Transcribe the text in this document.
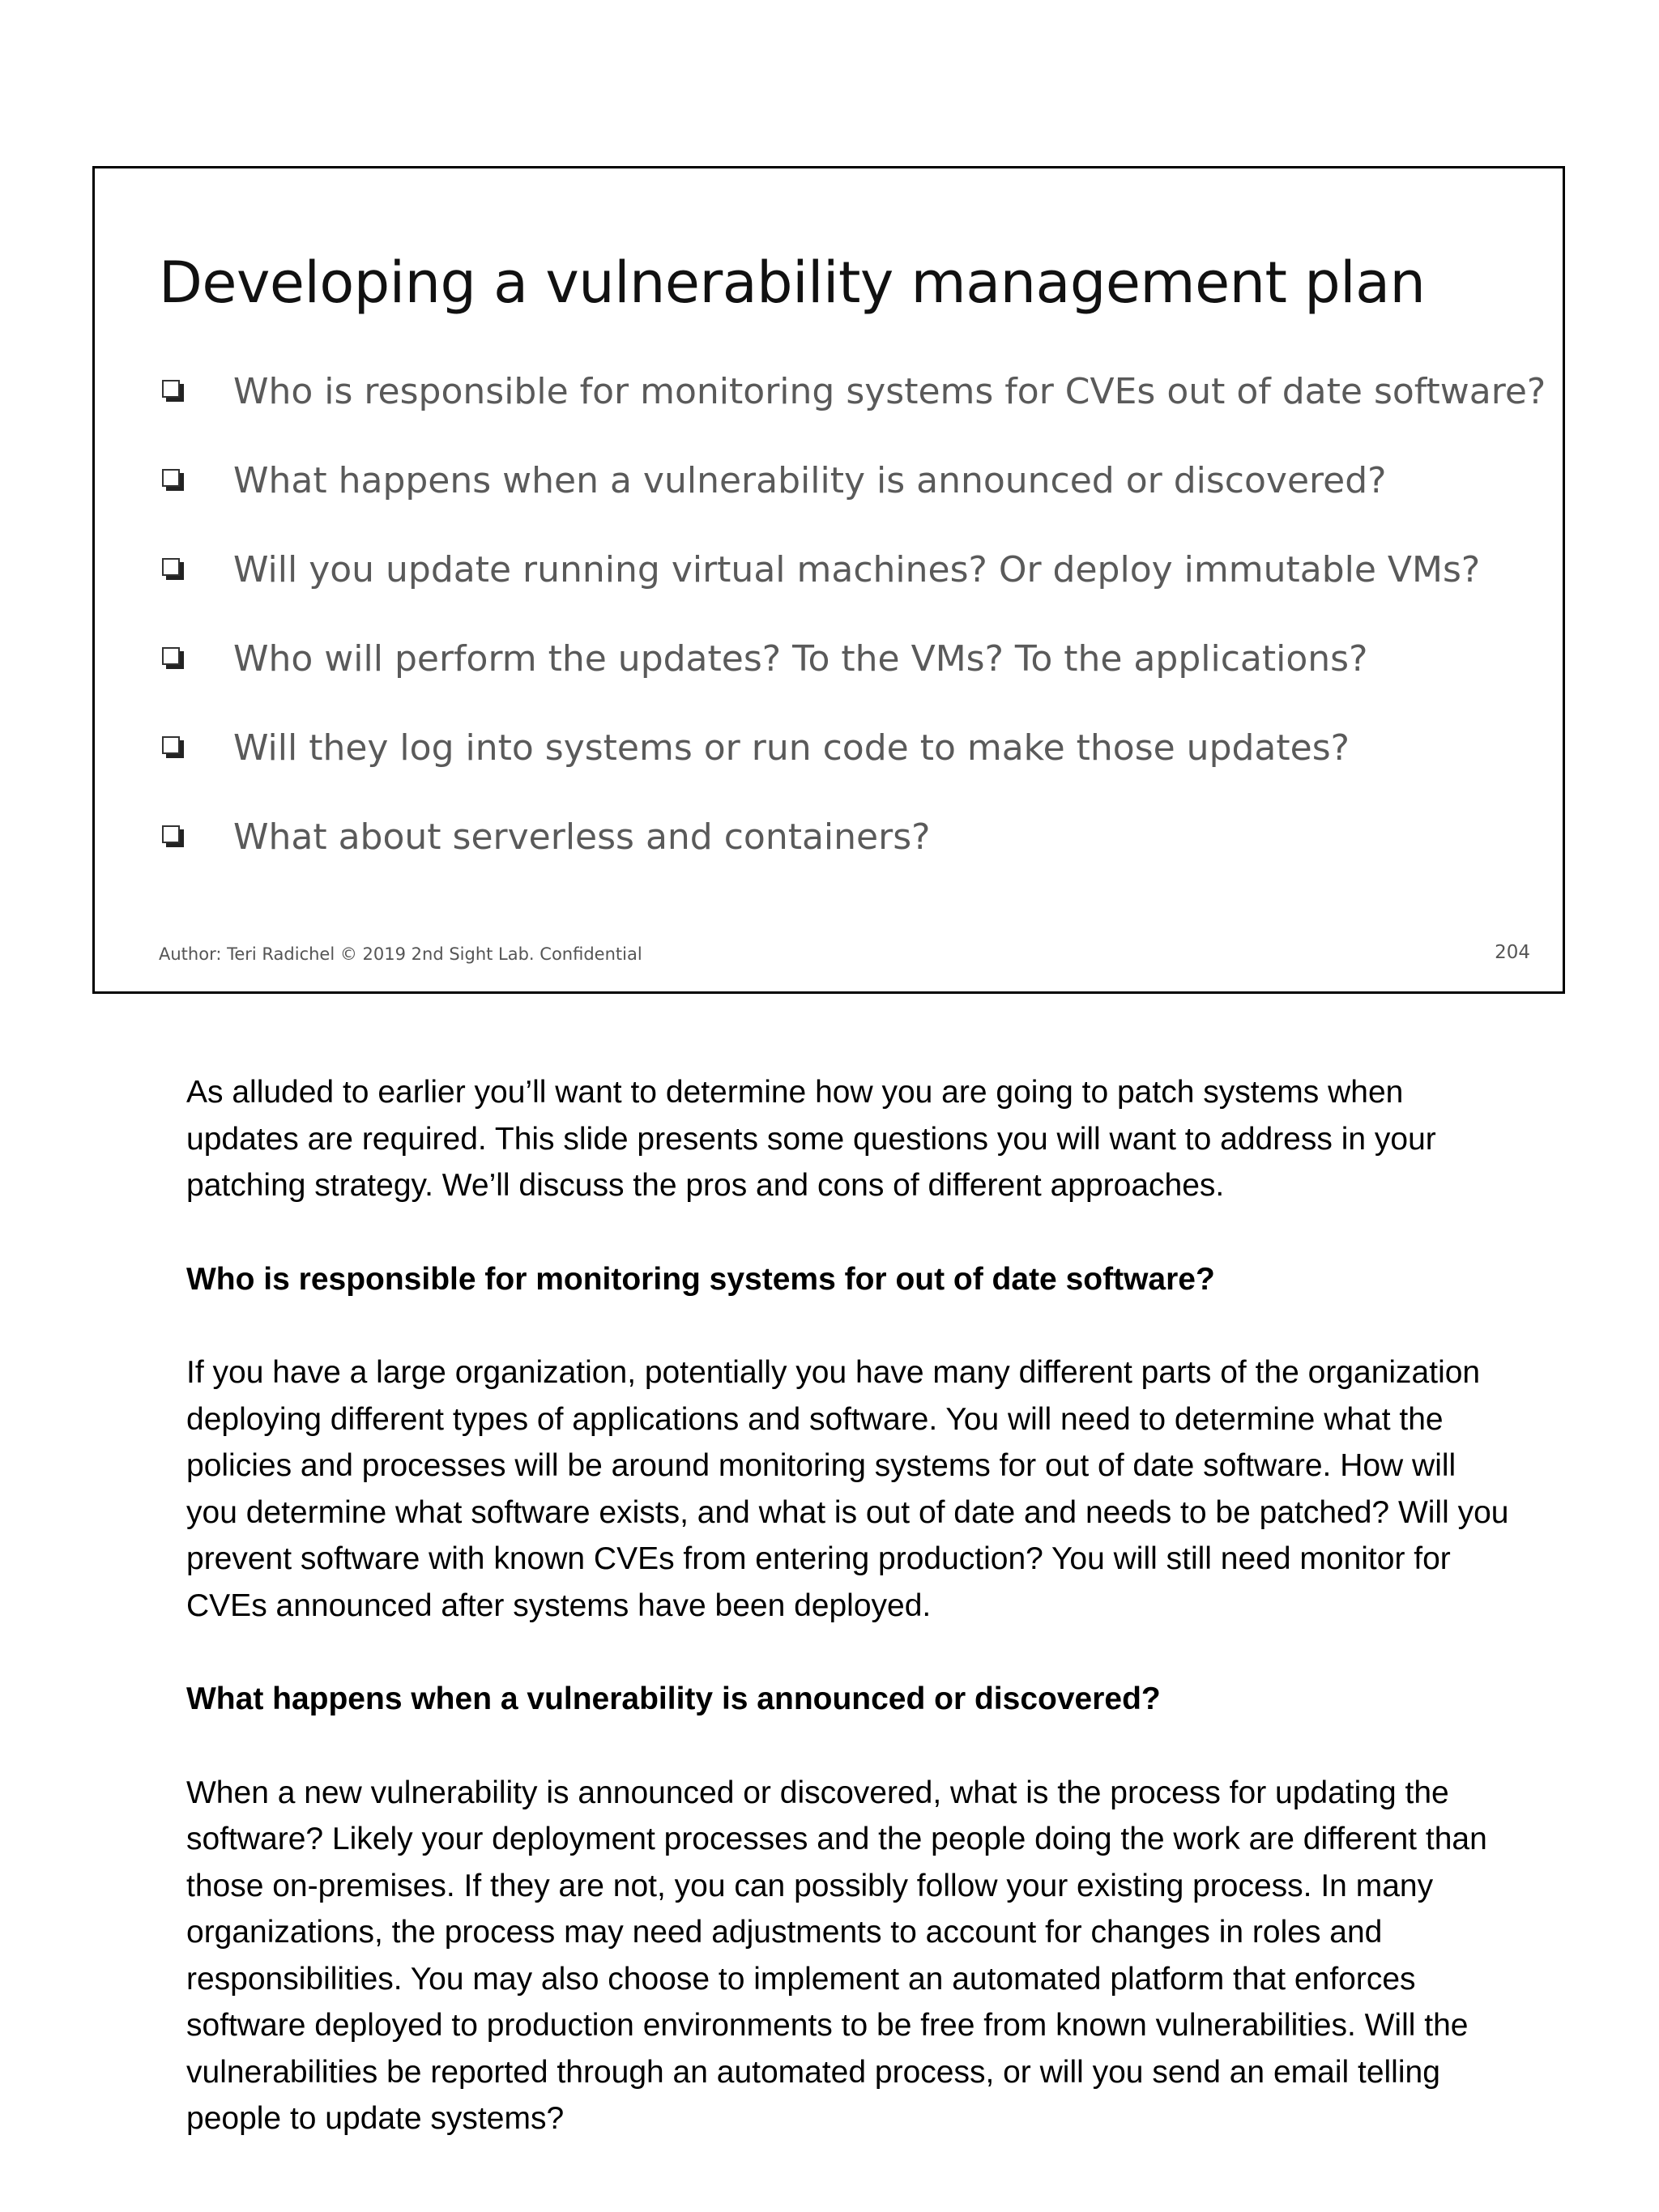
Developing a vulnerability management plan
Who is responsible for monitoring systems for CVEs out of date software?
What happens when a vulnerability is announced or discovered?
Will you update running virtual machines? Or deploy immutable VMs?
Who will perform the updates? To the VMs? To the applications?
Will they log into systems or run code to make those updates?
What about serverless and containers?
Author: Teri Radichel © 2019 2nd Sight Lab. Confidential	204

As alluded to earlier you’ll want to determine how you are going to patch systems when updates are required. This slide presents some questions you will want to address in your patching strategy. We’ll discuss the pros and cons of different approaches.

Who is responsible for monitoring systems for out of date software?

If you have a large organization, potentially you have many different parts of the organization deploying different types of applications and software. You will need to determine what the policies and processes will be around monitoring systems for out of date software. How will you determine what software exists, and what is out of date and needs to be patched? Will you prevent software with known CVEs from entering production? You will still need monitor for CVEs announced after systems have been deployed.

What happens when a vulnerability is announced or discovered?

When a new vulnerability is announced or discovered, what is the process for updating the software? Likely your deployment processes and the people doing the work are different than those on-premises. If they are not, you can possibly follow your existing process. In many organizations, the process may need adjustments to account for changes in roles and responsibilities. You may also choose to implement an automated platform that enforces software deployed to production environments to be free from known vulnerabilities. Will the vulnerabilities be reported through an automated process, or will you send an email telling people to update systems?
